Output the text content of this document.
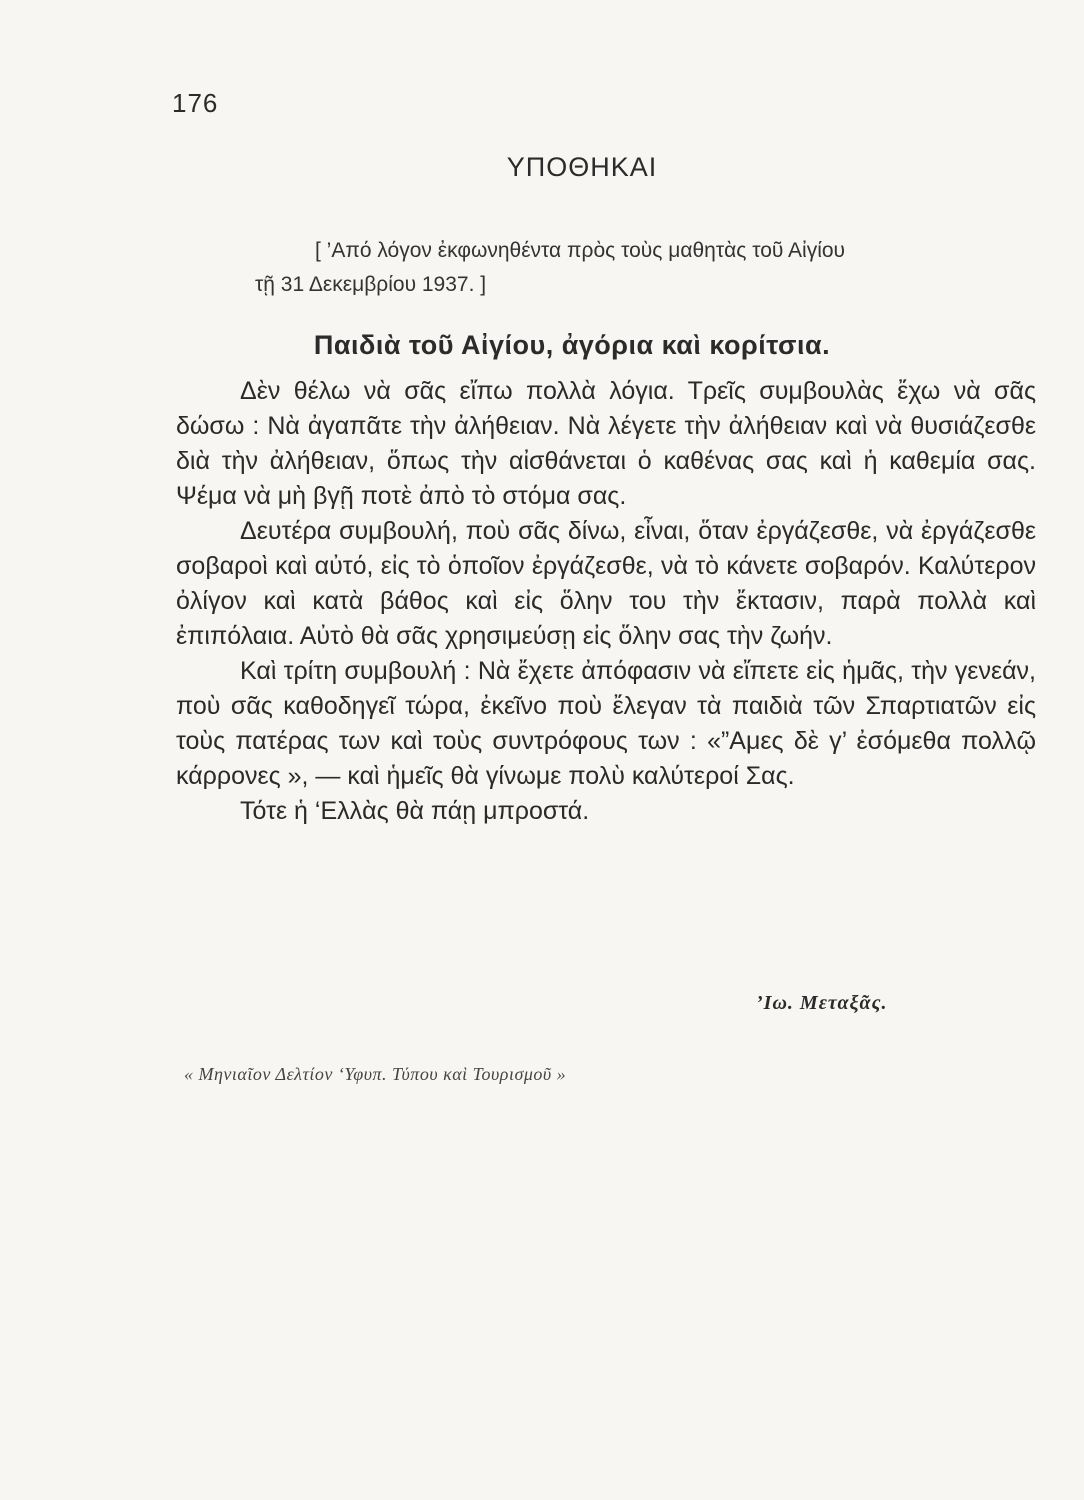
176
ΥΠΟΘΗΚΑΙ
[ ’Από λόγον ἐκφωνηθέντα πρὸς τοὺς μαθητὰς τοῦ Αἰγίου
τῇ 31 Δεκεμβρίου 1937. ]
Παιδιὰ τοῦ Αἰγίου, ἀγόρια καὶ κορίτσια.

Δὲν θέλω νὰ σᾶς εἴπω πολλὰ λόγια. Τρεῖς συμβουλὰς ἔχω νὰ σᾶς δώσω : Νὰ ἀγαπᾶτε τὴν ἀλήθειαν. Νὰ λέγετε τὴν ἀλήθειαν καὶ νὰ θυσιάζεσθε διὰ τὴν ἀλήθειαν, ὅπως τὴν αἰσθάνεται ὁ καθένας σας καὶ ἡ καθεμία σας. Ψέμα νὰ μὴ βγῇ ποτὲ ἀπὸ τὸ στόμα σας.

Δευτέρα συμβουλή, ποὺ σᾶς δίνω, εἶναι, ὅταν ἐργάζεσθε, νὰ ἐργάζεσθε σοβαροὶ καὶ αὐτό, εἰς τὸ ὁποῖον ἐργάζεσθε, νὰ τὸ κάνετε σοβαρόν. Καλύτερον ὀλίγον καὶ κατὰ βάθος καὶ εἰς ὅλην του τὴν ἔκτασιν, παρὰ πολλὰ καὶ ἐπιπόλαια. Αὐτὸ θὰ σᾶς χρησιμεύσῃ εἰς ὅλην σας τὴν ζωήν.

Καὶ τρίτη συμβουλή : Νὰ ἔχετε ἀπόφασιν νὰ εἴπετε εἰς ἡμᾶς, τὴν γενεάν, ποὺ σᾶς καθοδηγεῖ τώρα, ἐκεῖνο ποὺ ἔλεγαν τὰ παιδιὰ τῶν Σπαρτιατῶν εἰς τοὺς πατέρας των καὶ τοὺς συντρόφους των : «”Αμες δὲ γ’ ἐσόμεθα πολλῷ κάρρονες », — καὶ ἡμεῖς θὰ γίνωμε πολὺ καλύτεροί Σας.

Τότε ἡ ‘Ελλὰς θὰ πάῃ μπροστά.

’Ιω. Μεταξᾶς.
« Μηνιαῖον Δελτίον ‘Υφυπ. Τύπου καὶ Τουρισμοῦ »
